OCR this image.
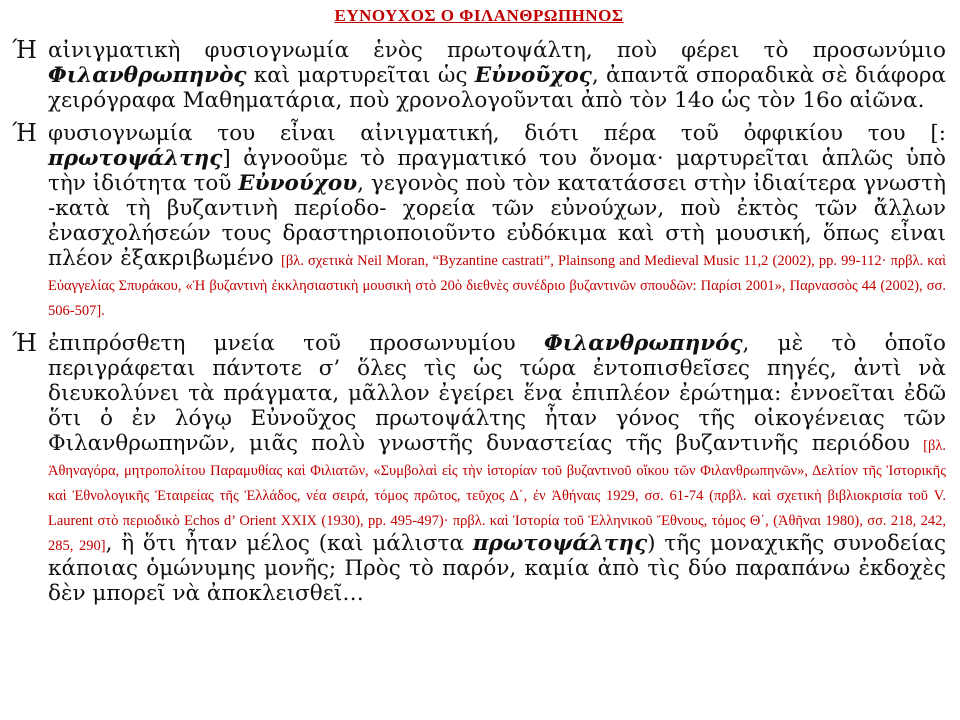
ΕΥΝΟΥΧΟΣ Ο ΦΙΛΑΝΘΡΩΠΗΝΟΣ
Ή αἰνιγματικὴ φυσιογνωμία ἑνὸς πρωτοψάλτη, ποὺ φέρει τὸ προσωνύμιο Φιλανθρωπηνὸς καὶ μαρτυρεῖται ὡς Εὐνοῦχος, ἀπαντᾶ σποραδικὰ σὲ διάφορα χειρόγραφα Μαθηματάρια, ποὺ χρονολογοῦνται ἀπὸ τὸν 14ο ὡς τὸν 16ο αἰῶνα.
Ή φυσιογνωμία του εἶναι αἰνιγματική, διότι πέρα τοῦ ὀφφικίου του [: πρωτοψάλτης] ἀγνοοῦμε τὸ πραγματικό του ὄνομα· μαρτυρεῖται ἁπλῶς ὑπὸ τὴν ἰδιότητα τοῦ Εὐνούχου, γεγονὸς ποὺ τὸν κατατάσσει στὴν ἰδιαίτερα γνωστὴ -κατὰ τὴ βυζαντινὴ περίοδο- χορεία τῶν εὐνούχων, ποὺ ἐκτὸς τῶν ἄλλων ἐνασχολήσεών τους δραστηριοποιοῦντο εὐδόκιμα καὶ στὴ μουσική, ὅπως εἶναι πλέον ἐξακριβωμένο [βλ. σχετικὰ Neil Moran, “Byzantine castrati”, Plainsong and Medieval Music 11,2 (2002), pp. 99-112· πρβλ. καὶ Εὐαγγελίας Σπυράκου, «Ἡ βυζαντινὴ ἐκκλησιαστικὴ μουσικὴ στὸ 20ὸ διεθνὲς συνέδριο βυζαντινῶν σπουδῶν: Παρίσι 2001», Παρνασσὸς 44 (2002), σσ. 506-507].
Ή ἐπιπρόσθετη μνεία τοῦ προσωνυμίου Φιλανθρωπηνός, μὲ τὸ ὁποῖο περιγράφεται πάντοτε σ’ ὅλες τὶς ὡς τώρα ἐντοπισθεῖσες πηγές, ἀντὶ νὰ διευκολύνει τὰ πράγματα, μᾶλλον ἐγείρει ἕνα ἐπιπλέον ἐρώτημα: ἐννοεῖται ἐδῶ ὅτι ὁ ἐν λόγῳ Εὐνοῦχος πρωτοψάλτης ἦταν γόνος τῆς οἰκογένειας τῶν Φιλανθρωπηνῶν, μιᾶς πολὺ γνωστῆς δυναστείας τῆς βυζαντινῆς περιόδου [βλ. Ἀθηναγόρα, μητροπολίτου Παραμυθίας καὶ Φιλιατῶν, «Συμβολαὶ εἰς τὴν ἱστορίαν τοῦ βυζαντινοῦ οἴκου τῶν Φιλανθρωπηνῶν», Δελτίον τῆς Ἱστορικῆς καὶ Ἐθνολογικῆς Ἑταιρείας τῆς Ἑλλάδος, νέα σειρά, τόμος πρῶτος, τεῦχος Δ΄, ἐν Ἀθήναις 1929, σσ. 61-74 (πρβλ. καὶ σχετικὴ βιβλιοκρισία τοῦ V. Laurent στὸ περιοδικὸ Echos d’ Orient XXIX (1930), pp. 495-497)· πρβλ. καὶ Ἱστορία τοῦ Ἑλληνικοῦ Ἔθνους, τόμος Θ΄, (Ἀθῆναι 1980), σσ. 218, 242, 285, 290], ἢ ὅτι ἦταν μέλος (καὶ μάλιστα πρωτοψάλτης) τῆς μοναχικῆς συνοδείας κάποιας ὁμώνυμης μονῆς; Πρὸς τὸ παρόν, καμία ἀπὸ τὶς δύο παραπάνω ἐκδοχὲς δὲν μπορεῖ νὰ ἀποκλεισθεῖ…
